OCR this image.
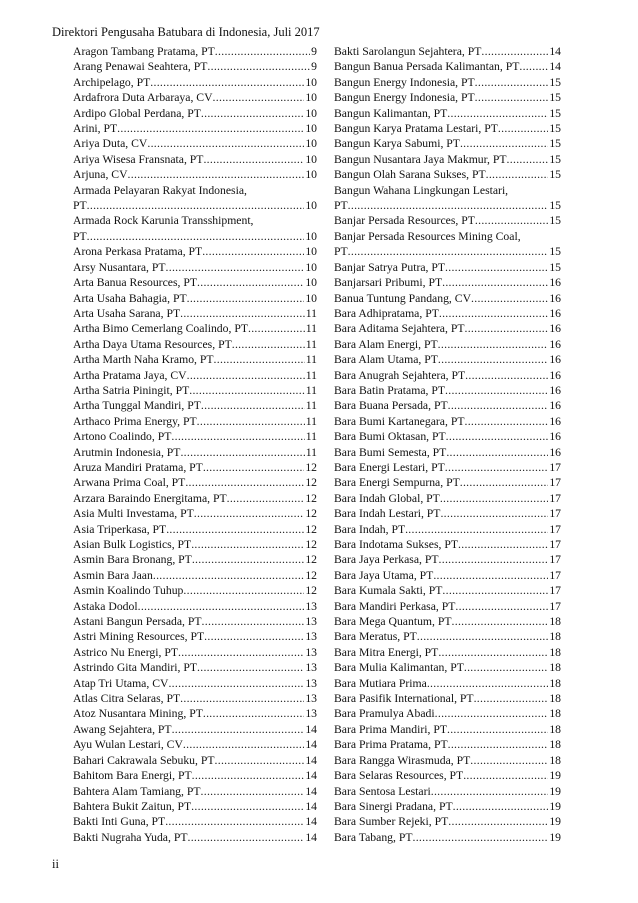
Direktori Pengusaha Batubara di Indonesia, Juli 2017
Aragon Tambang Pratama, PT .....	9
Arang Penawai Seahtera, PT .....	9
Archipelago, PT .....	10
Ardafrora Duta Arbaraya, CV .....	10
Ardipo Global Perdana, PT .....	10
Arini, PT .....	10
Ariya Duta, CV .....	10
Ariya Wisesa Fransnata, PT .....	10
Arjuna, CV .....	10
Armada Pelayaran Rakyat Indonesia,
PT .....	10
Armada Rock Karunia Transshipment,
PT .....	10
Arona Perkasa Pratama, PT .....	10
Arsy Nusantara, PT .....	10
Arta Banua Resources, PT .....	10
Arta Usaha Bahagia, PT .....	10
Arta Usaha Sarana, PT .....	11
Artha Bimo Cemerlang Coalindo, PT .....	11
Artha Daya Utama Resources, PT .....	11
Artha Marth Naha Kramo, PT .....	11
Artha Pratama Jaya, CV .....	11
Artha Satria Piningit, PT .....	11
Artha Tunggal Mandiri, PT .....	11
Arthaco Prima Energy, PT .....	11
Artono Coalindo, PT .....	11
Arutmin Indonesia, PT .....	11
Aruza Mandiri Pratama, PT .....	12
Arwana Prima Coal, PT .....	12
Arzara Baraindo Energitama, PT .....	12
Asia Multi Investama, PT .....	12
Asia Triperkasa, PT .....	12
Asian Bulk Logistics, PT .....	12
Asmin Bara Bronang, PT .....	12
Asmin Bara Jaan .....	12
Asmin Koalindo Tuhup .....	12
Astaka Dodol .....	13
Astani Bangun Persada, PT .....	13
Astri Mining Resources, PT .....	13
Astrico Nu Energi, PT .....	13
Astrindo Gita Mandiri, PT .....	13
Atap Tri Utama, CV .....	13
Atlas Citra Selaras, PT .....	13
Atoz Nusantara Mining, PT .....	13
Awang Sejahtera, PT .....	14
Ayu Wulan Lestari, CV .....	14
Bahari Cakrawala Sebuku, PT .....	14
Bahitom Bara Energi, PT .....	14
Bahtera Alam Tamiang, PT .....	14
Bahtera Bukit Zaitun, PT .....	14
Bakti Inti Guna, PT .....	14
Bakti Nugraha Yuda, PT .....	14
Bakti Sarolangun Sejahtera, PT .....	14
Bangun Banua Persada Kalimantan, PT .....	14
Bangun Energy Indonesia, PT .....	15
Bangun Energy Indonesia, PT .....	15
Bangun Kalimantan, PT .....	15
Bangun Karya Pratama Lestari, PT .....	15
Bangun Karya Sabumi, PT .....	15
Bangun Nusantara Jaya Makmur, PT .....	15
Bangun Olah Sarana Sukses, PT .....	15
Bangun Wahana Lingkungan Lestari,
PT .....	15
Banjar Persada Resources, PT .....	15
Banjar Persada Resources Mining Coal,
PT .....	15
Banjar Satrya Putra, PT .....	15
Banjarsari Pribumi, PT .....	16
Banua Tuntung Pandang, CV .....	16
Bara Adhipratama, PT .....	16
Bara Aditama Sejahtera, PT .....	16
Bara Alam Energi, PT .....	16
Bara Alam Utama, PT .....	16
Bara Anugrah Sejahtera, PT .....	16
Bara Batin Pratama, PT .....	16
Bara Buana Persada, PT .....	16
Bara Bumi Kartanegara, PT .....	16
Bara Bumi Oktasan, PT .....	16
Bara Bumi Semesta, PT .....	16
Bara Energi Lestari, PT .....	17
Bara Energi Sempurna, PT .....	17
Bara Indah Global, PT .....	17
Bara Indah Lestari, PT .....	17
Bara Indah, PT .....	17
Bara Indotama Sukses, PT .....	17
Bara Jaya Perkasa, PT .....	17
Bara Jaya Utama, PT .....	17
Bara Kumala Sakti, PT .....	17
Bara Mandiri Perkasa, PT .....	17
Bara Mega Quantum, PT .....	18
Bara Meratus, PT .....	18
Bara Mitra Energi, PT .....	18
Bara Mulia Kalimantan, PT .....	18
Bara Mutiara Prima .....	18
Bara Pasifik International, PT .....	18
Bara Pramulya Abadi .....	18
Bara Prima Mandiri, PT .....	18
Bara Prima Pratama, PT .....	18
Bara Rangga Wirasmuda, PT .....	18
Bara Selaras Resources, PT .....	19
Bara Sentosa Lestari .....	19
Bara Sinergi Pradana, PT .....	19
Bara Sumber Rejeki, PT .....	19
Bara Tabang, PT .....	19
ii
